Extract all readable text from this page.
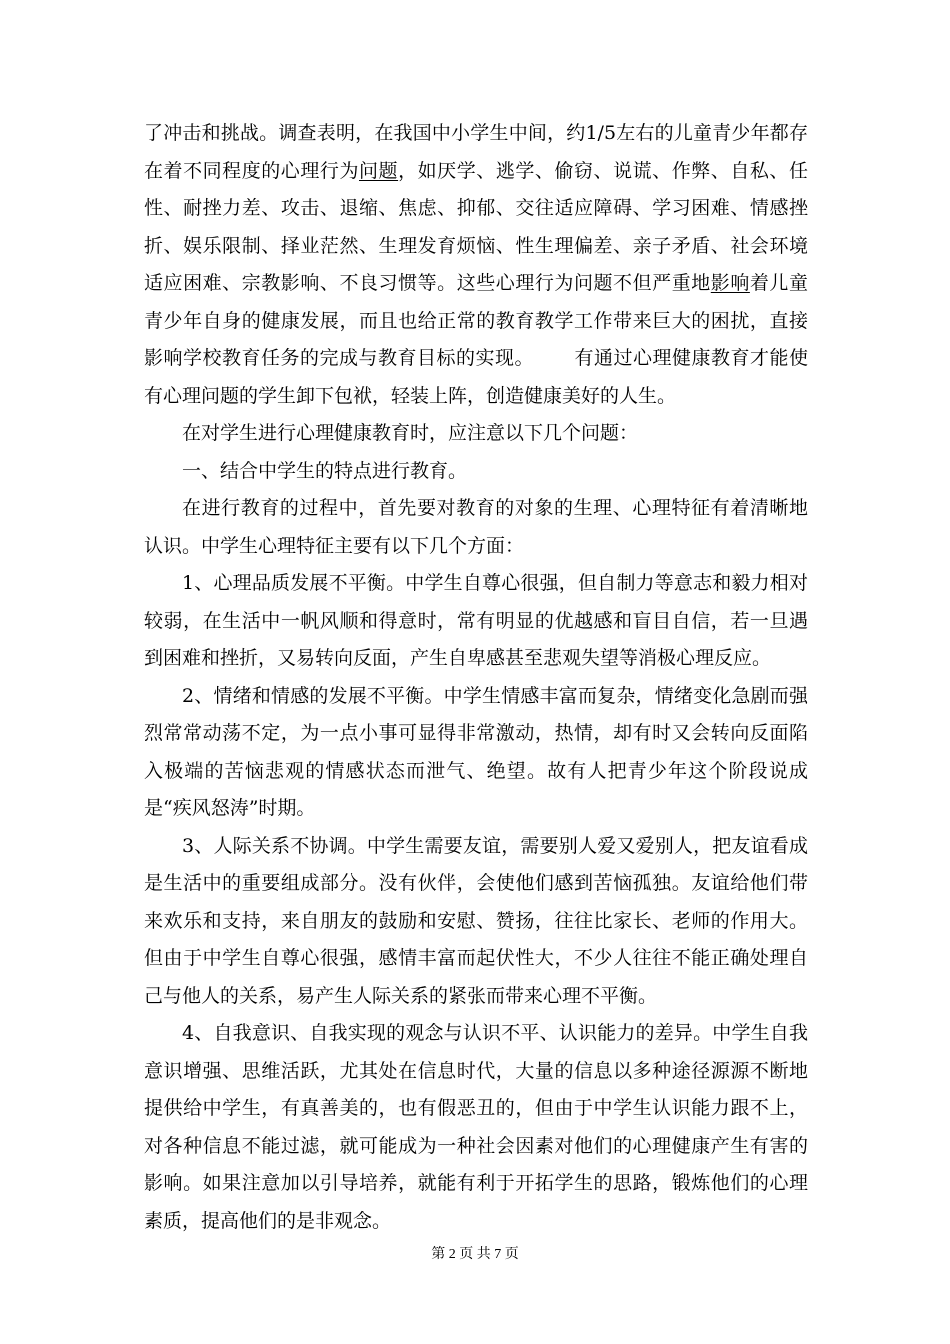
了冲击和挑战。调查表明，在我国中小学生中间，约1/5左右的儿童青少年都存在着不同程度的心理行为问题，如厌学、逃学、偷窃、说谎、作弊、自私、任性、耐挫力差、攻击、退缩、焦虑、抑郁、交往适应障碍、学习困难、情感挫折、娱乐限制、择业茫然、生理发育烦恼、性生理偏差、亲子矛盾、社会环境适应困难、宗教影响、不良习惯等。这些心理行为问题不但严重地影响着儿童青少年自身的健康发展，而且也给正常的教育教学工作带来巨大的困扰，直接影响学校教育任务的完成与教育目标的实现。 有通过心理健康教育才能使有心理问题的学生卸下包袱，轻装上阵，创造健康美好的人生。

在对学生进行心理健康教育时，应注意以下几个问题：

一、结合中学生的特点进行教育。

在进行教育的过程中，首先要对教育的对象的生理、心理特征有着清晰地认识。中学生心理特征主要有以下几个方面：

1、心理品质发展不平衡。中学生自尊心很强，但自制力等意志和毅力相对较弱，在生活中一帆风顺和得意时，常有明显的优越感和盲目自信，若一旦遇到困难和挫折，又易转向反面，产生自卑感甚至悲观失望等消极心理反应。

2、情绪和情感的发展不平衡。中学生情感丰富而复杂，情绪变化急剧而强烈常常动荡不定，为一点小事可显得非常激动，热情，却有时又会转向反面陷入极端的苦恼悲观的情感状态而泄气、绝望。故有人把青少年这个阶段说成是“疾风怒涛”时期。

3、人际关系不协调。中学生需要友谊，需要别人爱又爱别人，把友谊看成是生活中的重要组成部分。没有伙伴，会使他们感到苦恼孤独。友谊给他们带来欢乐和支持，来自朋友的鼓励和安慰、赞扬，往往比家长、老师的作用大。但由于中学生自尊心很强，感情丰富而起伏性大，不少人往往不能正确处理自己与他人的关系，易产生人际关系的紧张而带来心理不平衡。

4、自我意识、自我实现的观念与认识不平、认识能力的差异。中学生自我意识增强、思维活跃，尤其处在信息时代，大量的信息以多种途径源源不断地提供给中学生，有真善美的，也有假恶丑的，但由于中学生认识能力跟不上，对各种信息不能过滤，就可能成为一种社会因素对他们的心理健康产生有害的影响。如果注意加以引导培养，就能有利于开拓学生的思路，锻炼他们的心理素质，提高他们的是非观念。

第 2 页 共 7 页
